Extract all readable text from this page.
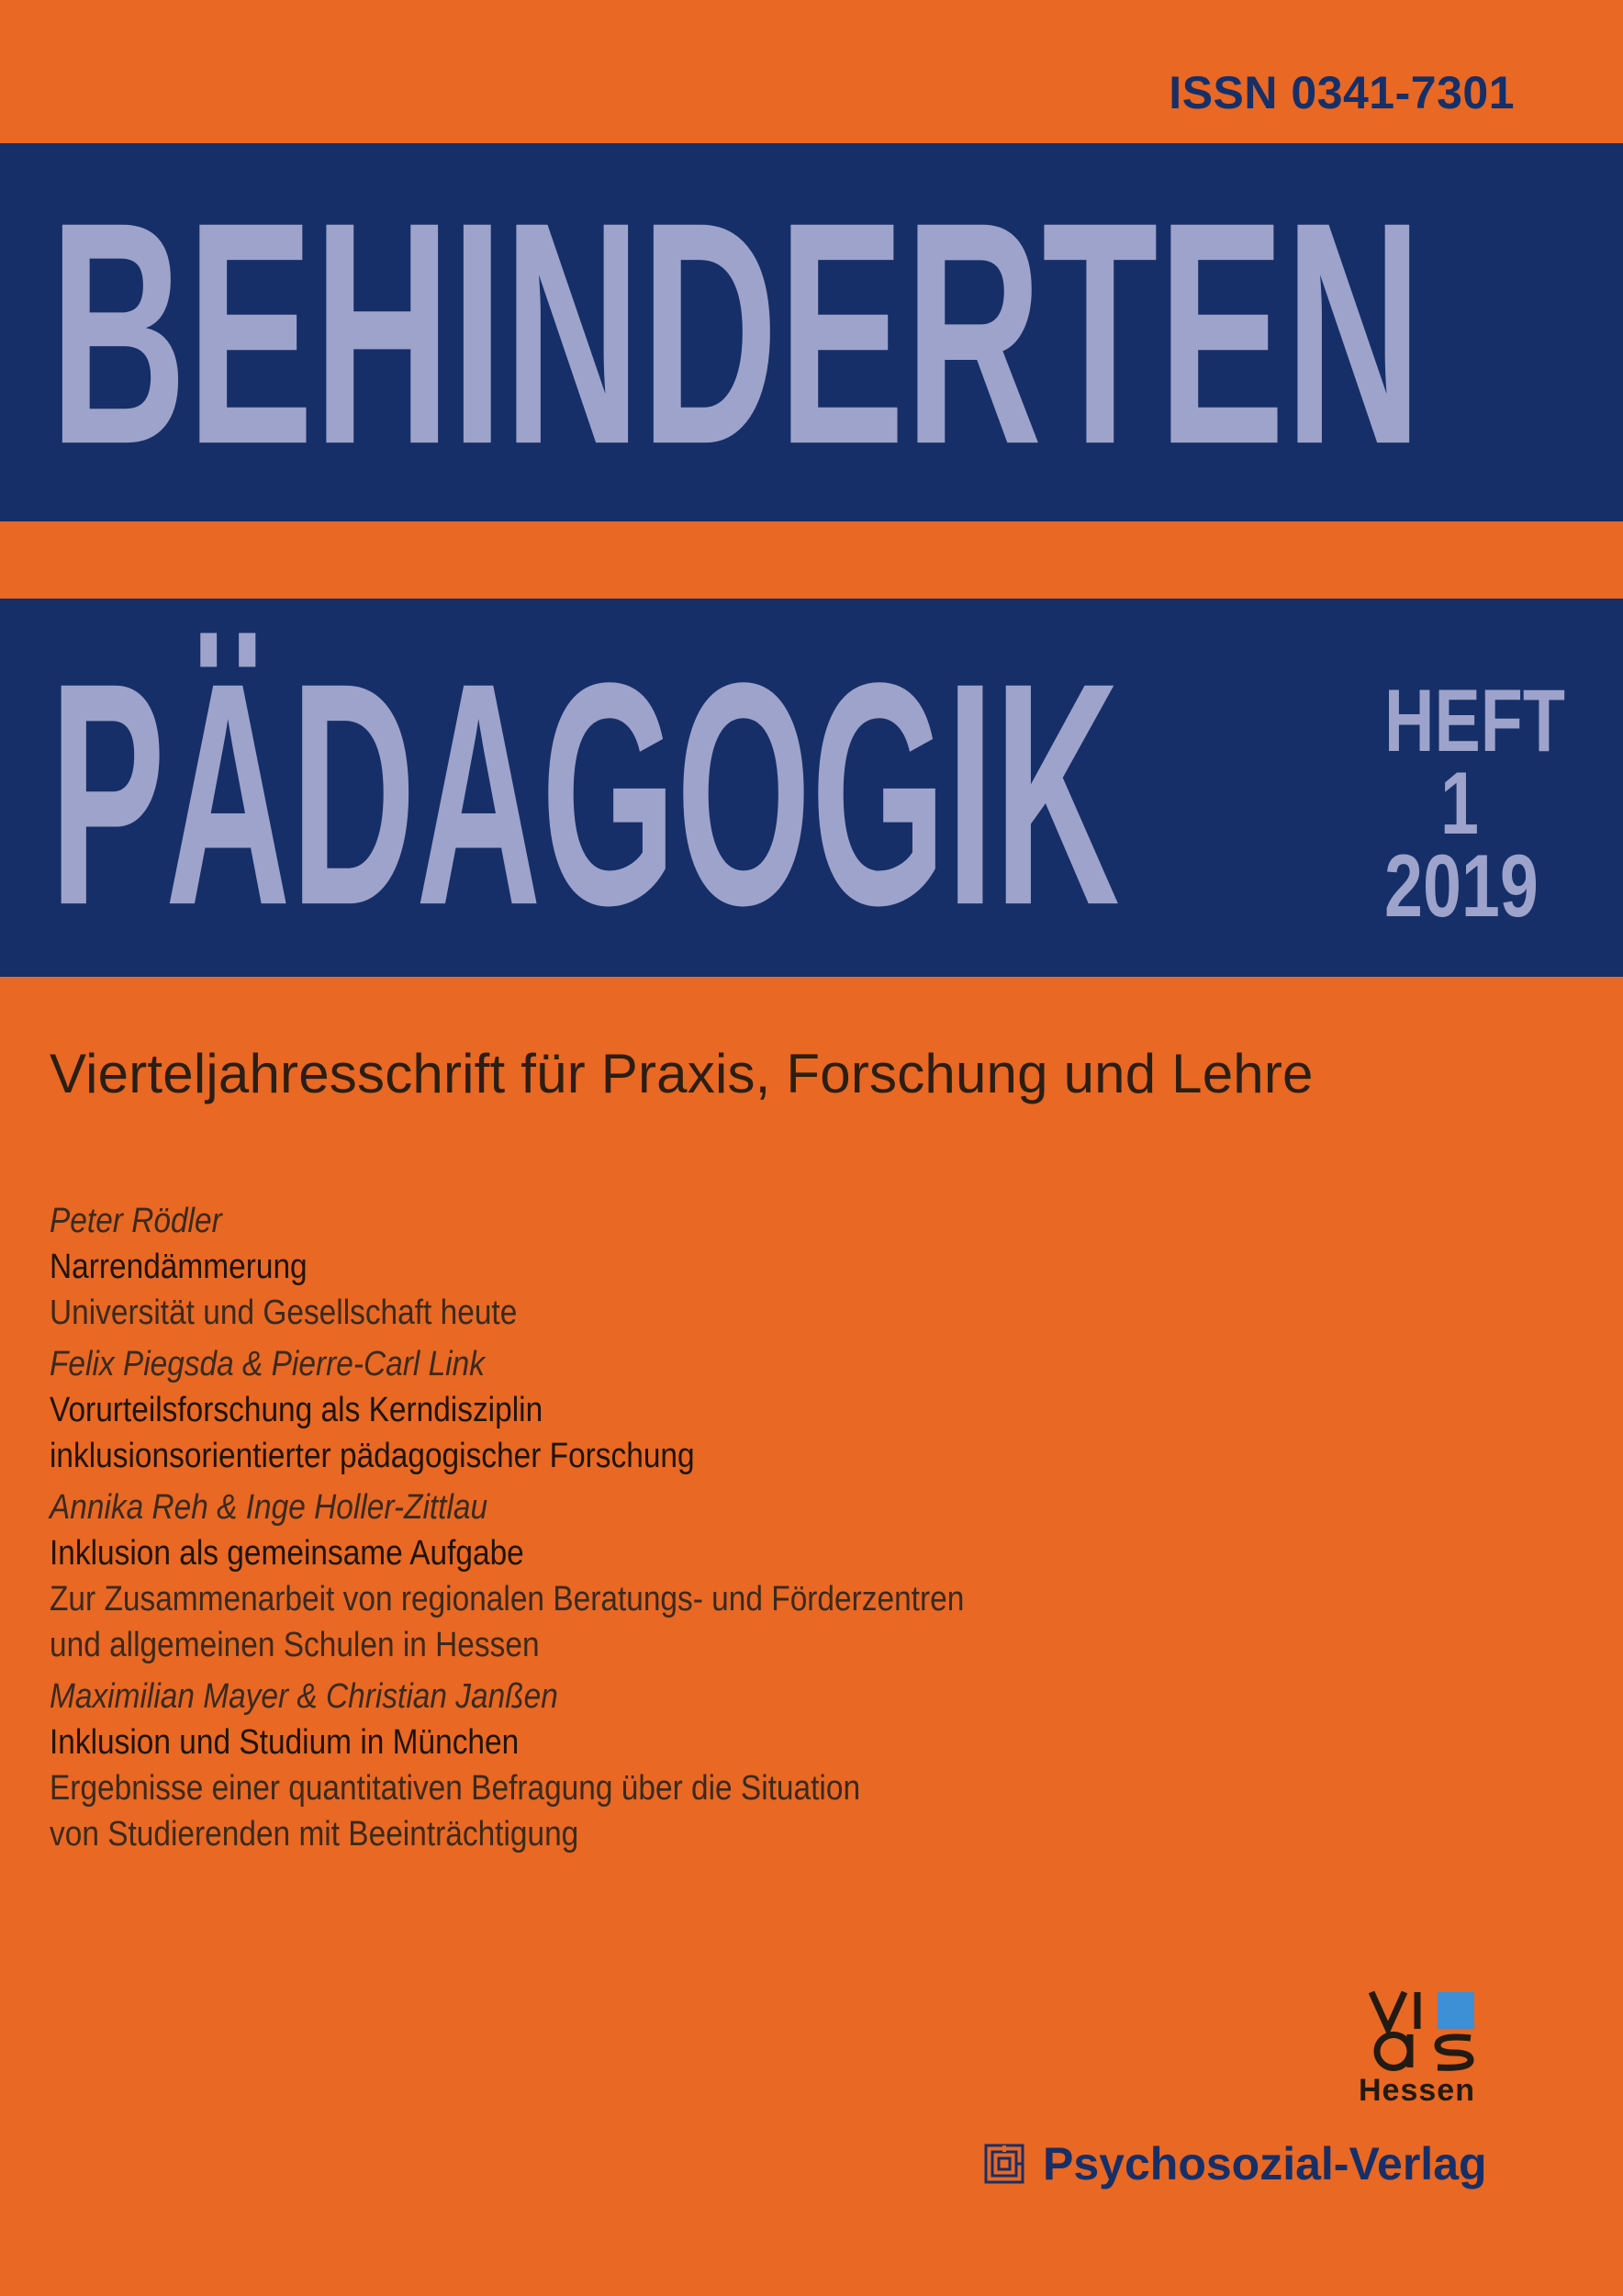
ISSN 0341-7301
BEHINDERTEN
PÄDAGOGIK	HEFT
1
2019
Vierteljahresschrift für Praxis, Forschung und Lehre
Peter Rödler
Narrendämmerung
Universität und Gesellschaft heute
Felix Piegsda & Pierre-Carl Link
Vorurteilsforschung als Kerndisziplin
inklusionsorientierter pädagogischer Forschung
Annika Reh & Inge Holler-Zittlau
Inklusion als gemeinsame Aufgabe
Zur Zusammenarbeit von regionalen Beratungs- und Förderzentren
und allgemeinen Schulen in Hessen
Maximilian Mayer & Christian Janßen
Inklusion und Studium in München
Ergebnisse einer quantitativen Befragung über die Situation
von Studierenden mit Beeinträchtigung
Hessen
Psychosozial-Verlag
